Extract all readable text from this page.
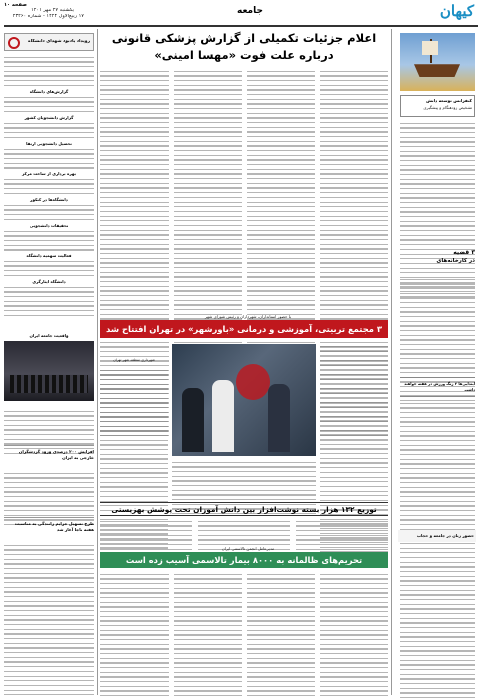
کیهان
جامعه
صفحه ۱۰
یکشنبه ۲۷ مهر ۱۴۰۱
۱۷ ربیع‌الاول ۱۴۴۴ - شماره ۲۳۲۶۰
کنفرانس توسعه دانش
تشخیص زودهنگام و پیشگیری
۳ قضیه
در کارخانه‌های
ابتدایی‌ها ۲ زنگ ورزش در هفته خواهند داشت
رویداد یادبود شهدای دانشگاه
گزارش‌های دانشگاه
گزارش دانشجویان کشور
تحصیل دانشجویی ارتقا
بهره برداری از ساخت مرکز
دانشگاه‌ها در کنکور
تحقیقات دانشجویی
فعالیت سهمیه دانشگاه
دانشگاه ایثارگری
واقعیت جامعه ایران
افزایش ۲۰۰ درصدی ورود گردشگران خارجی به ایران
طرح تسهیل جرایم رانندگی به مناسبت هفته ناجا آغاز شد
اعلام جزئیات تکمیلی از گزارش پزشکی قانونی
درباره علت فوت «مهسا امینی»
با حضور استانداران، شهرداران و رئیس شورای شهر
۳ مجتمع تربیتی، آموزشی و درمانی «باورشهر» در تهران افتتاح شد
شهرداری منطقه شهر تهران
توزیع ۱۳۲ هزار بسته نوشت‌افزار بین دانش آموزان تحت پوشش بهزیستی
مدیرعامل انجمن تالاسمی ایران
تحریم‌های ظالمانه به ۸۰۰۰ بیمار تالاسمی آسیب زده است
حضور زنان در جامعه و حجاب
